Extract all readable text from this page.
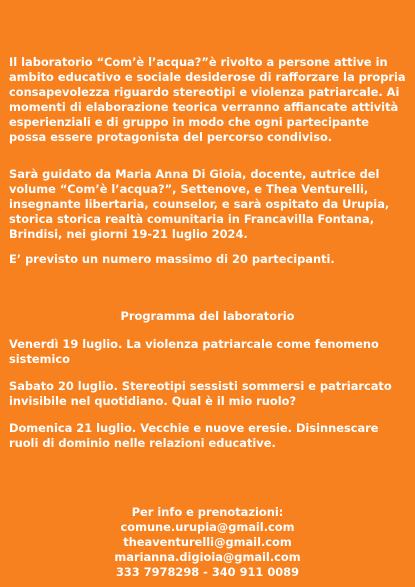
Il laboratorio “Com’è l’acqua?”è rivolto a persone attive in ambito educativo e sociale desiderose di rafforzare la propria consapevolezza riguardo stereotipi e violenza patriarcale. Ai momenti di elaborazione teorica verranno affiancate attività esperienziali e di gruppo in modo che ogni partecipante possa essere protagonista del percorso condiviso.

Sarà guidato da Maria Anna Di Gioia, docente, autrice del volume “Com’è l’acqua?”, Settenove, e Thea Venturelli, insegnante libertaria, counselor, e sarà ospitato da Urupia, storica storica realtà comunitaria in Francavilla Fontana, Brindisi, nei giorni 19-21 luglio 2024.

E’ previsto un numero massimo di 20 partecipanti.

Programma del laboratorio

Venerdì 19 luglio. La violenza patriarcale come fenomeno sistemico

Sabato 20 luglio. Stereotipi sessisti sommersi e patriarcato invisibile nel quotidiano. Qual è il mio ruolo?

Domenica 21 luglio. Vecchie e nuove eresie. Disinnescare ruoli di dominio nelle relazioni educative.

Per info e prenotazioni:
comune.urupia@gmail.com
theaventurelli@gmail.com
marianna.digioia@gmail.com
333 7978298 - 340 911 0089
